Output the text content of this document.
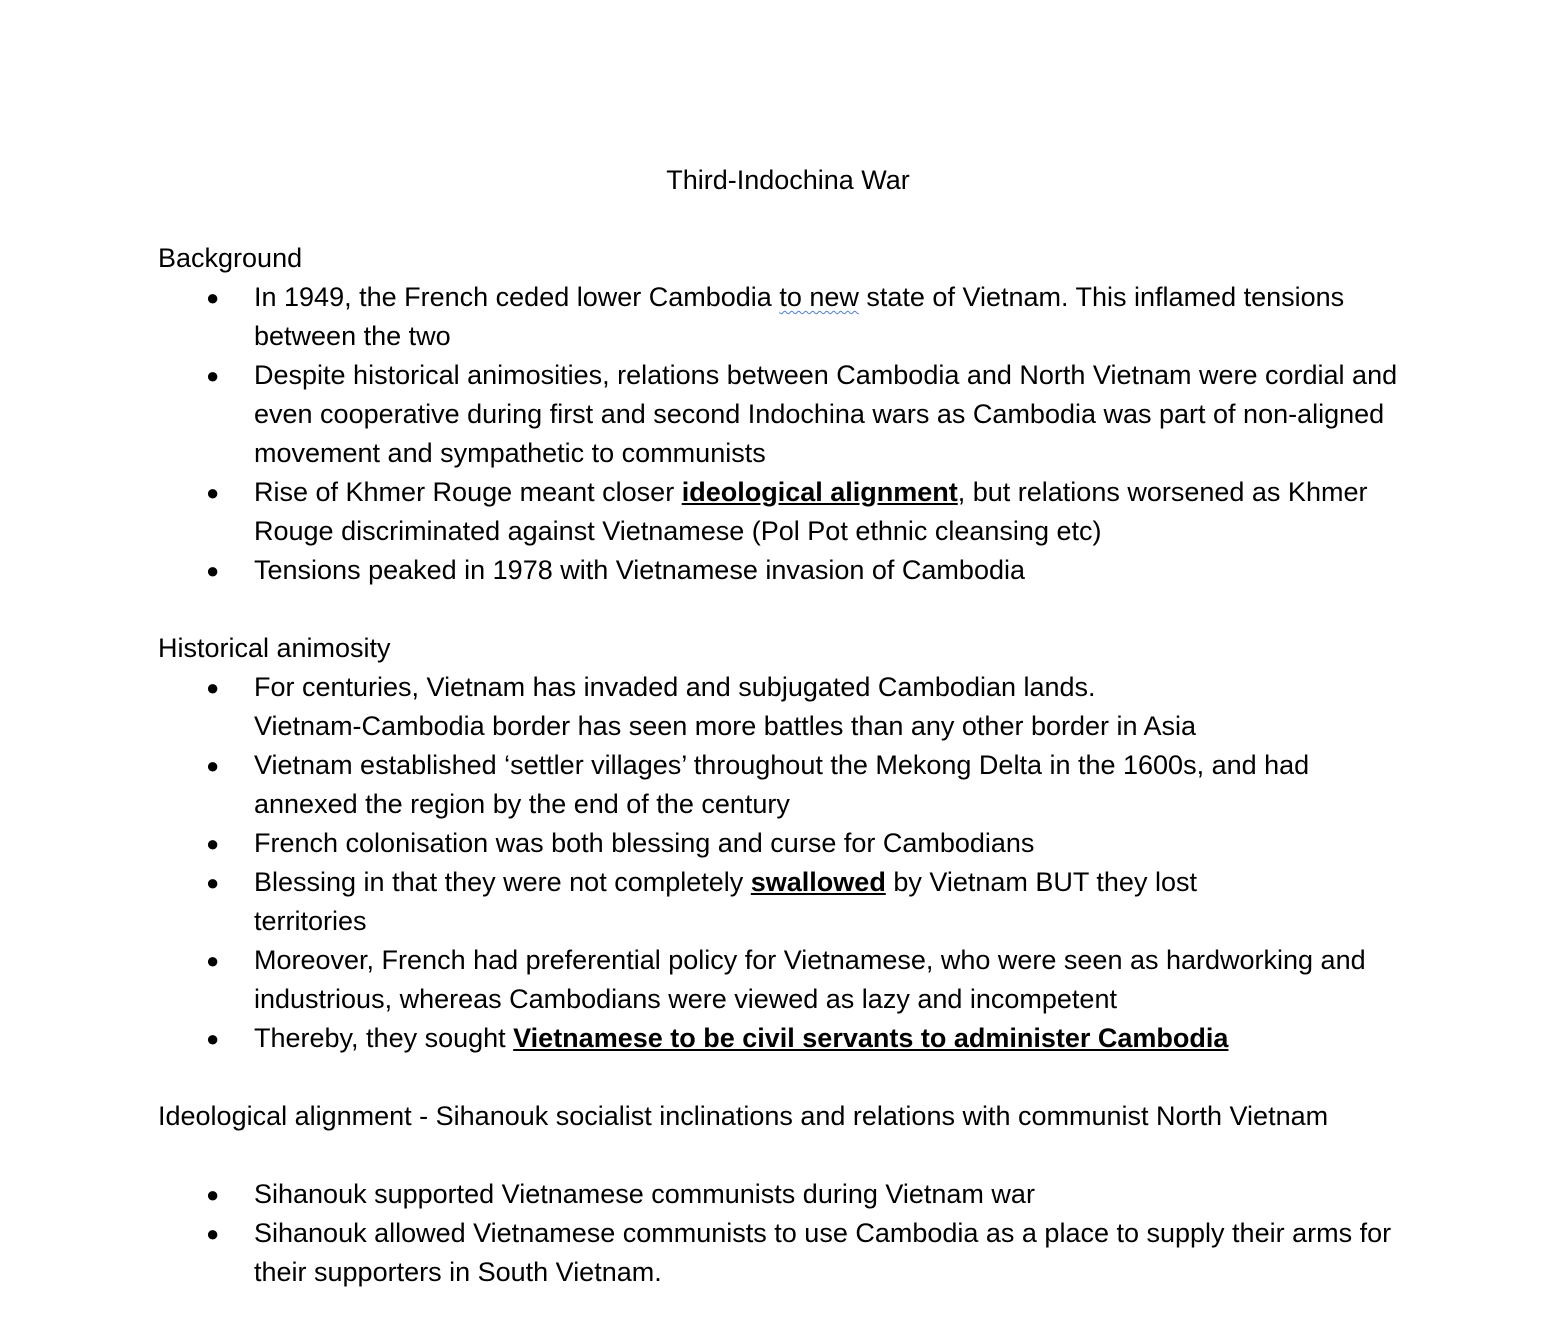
Third-Indochina War

Background

● In 1949, the French ceded lower Cambodia to new state of Vietnam. This inflamed tensions between the two
● Despite historical animosities, relations between Cambodia and North Vietnam were cordial and even cooperative during first and second Indochina wars as Cambodia was part of non-aligned movement and sympathetic to communists
● Rise of Khmer Rouge meant closer ideological alignment, but relations worsened as Khmer Rouge discriminated against Vietnamese (Pol Pot ethnic cleansing etc)
● Tensions peaked in 1978 with Vietnamese invasion of Cambodia

Historical animosity

● For centuries, Vietnam has invaded and subjugated Cambodian lands.
Vietnam-Cambodia border has seen more battles than any other border in Asia
● Vietnam established ‘settler villages’ throughout the Mekong Delta in the 1600s, and had annexed the region by the end of the century
● French colonisation was both blessing and curse for Cambodians
● Blessing in that they were not completely swallowed by Vietnam BUT they lost
territories
● Moreover, French had preferential policy for Vietnamese, who were seen as hardworking and industrious, whereas Cambodians were viewed as lazy and incompetent
● Thereby, they sought Vietnamese to be civil servants to administer Cambodia

Ideological alignment - Sihanouk socialist inclinations and relations with communist North Vietnam

● Sihanouk supported Vietnamese communists during Vietnam war
● Sihanouk allowed Vietnamese communists to use Cambodia as a place to supply their arms for their supporters in South Vietnam.
